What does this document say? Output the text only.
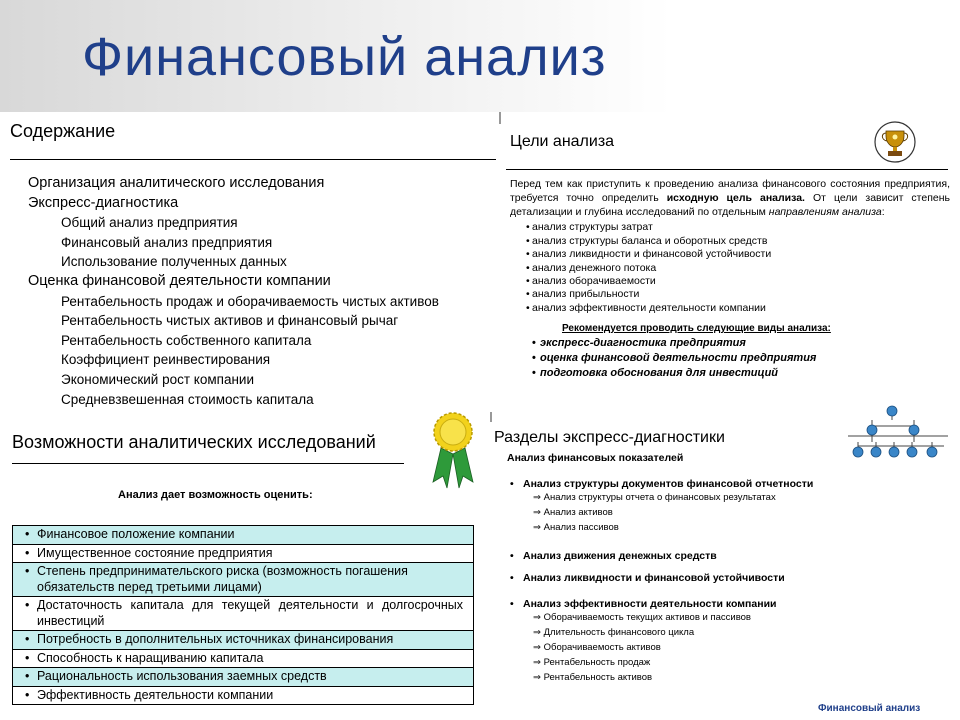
Финансовый анализ
Содержание
Организация аналитического исследования
Экспресс-диагностика
Общий анализ предприятия
Финансовый анализ предприятия
Использование полученных данных
Оценка финансовой деятельности компании
Рентабельность продаж и оборачиваемость чистых активов
Рентабельность чистых активов и финансовый рычаг
Рентабельность собственного капитала
Коэффициент реинвестирования
Экономический рост компании
Средневзвешенная стоимость капитала
Цели анализа
Перед тем как приступить к проведению анализа финансового состояния предприятия, требуется точно определить исходную цель анализа. От цели зависит степень детализации и глубина исследований по отдельным направлениям анализа:
• анализ структуры затрат
• анализ структуры баланса и оборотных средств
• анализ ликвидности и финансовой устойчивости
• анализ денежного потока
• анализ оборачиваемости
• анализ прибыльности
• анализ эффективности деятельности компании
Рекомендуется проводить следующие виды анализа:
• экспресс-диагностика предприятия
• оценка финансовой деятельности предприятия
• подготовка обоснования для инвестиций
Возможности аналитических исследований
Анализ дает возможность оценить:
• Финансовое положение компании
• Имущественное состояние предприятия
• Степень предпринимательского риска (возможность погашения обязательств перед третьими лицами)
• Достаточность капитала для текущей деятельности и долгосрочных инвестиций
• Потребность в дополнительных источниках финансирования
• Способность к наращиванию капитала
• Рациональность использования заемных средств
• Эффективность деятельности компании
Разделы экспресс-диагностики
Анализ финансовых показателей
• Анализ структуры документов финансовой отчетности
⇒ Анализ структуры отчета о финансовых результатах
⇒ Анализ активов
⇒ Анализ пассивов
• Анализ движения денежных средств
• Анализ ликвидности и финансовой устойчивости
• Анализ эффективности деятельности компании
⇒ Оборачиваемость текущих активов и пассивов
⇒ Длительность финансового цикла
⇒ Оборачиваемость активов
⇒ Рентабельность продаж
⇒ Рентабельность активов
Финансовый анализ
